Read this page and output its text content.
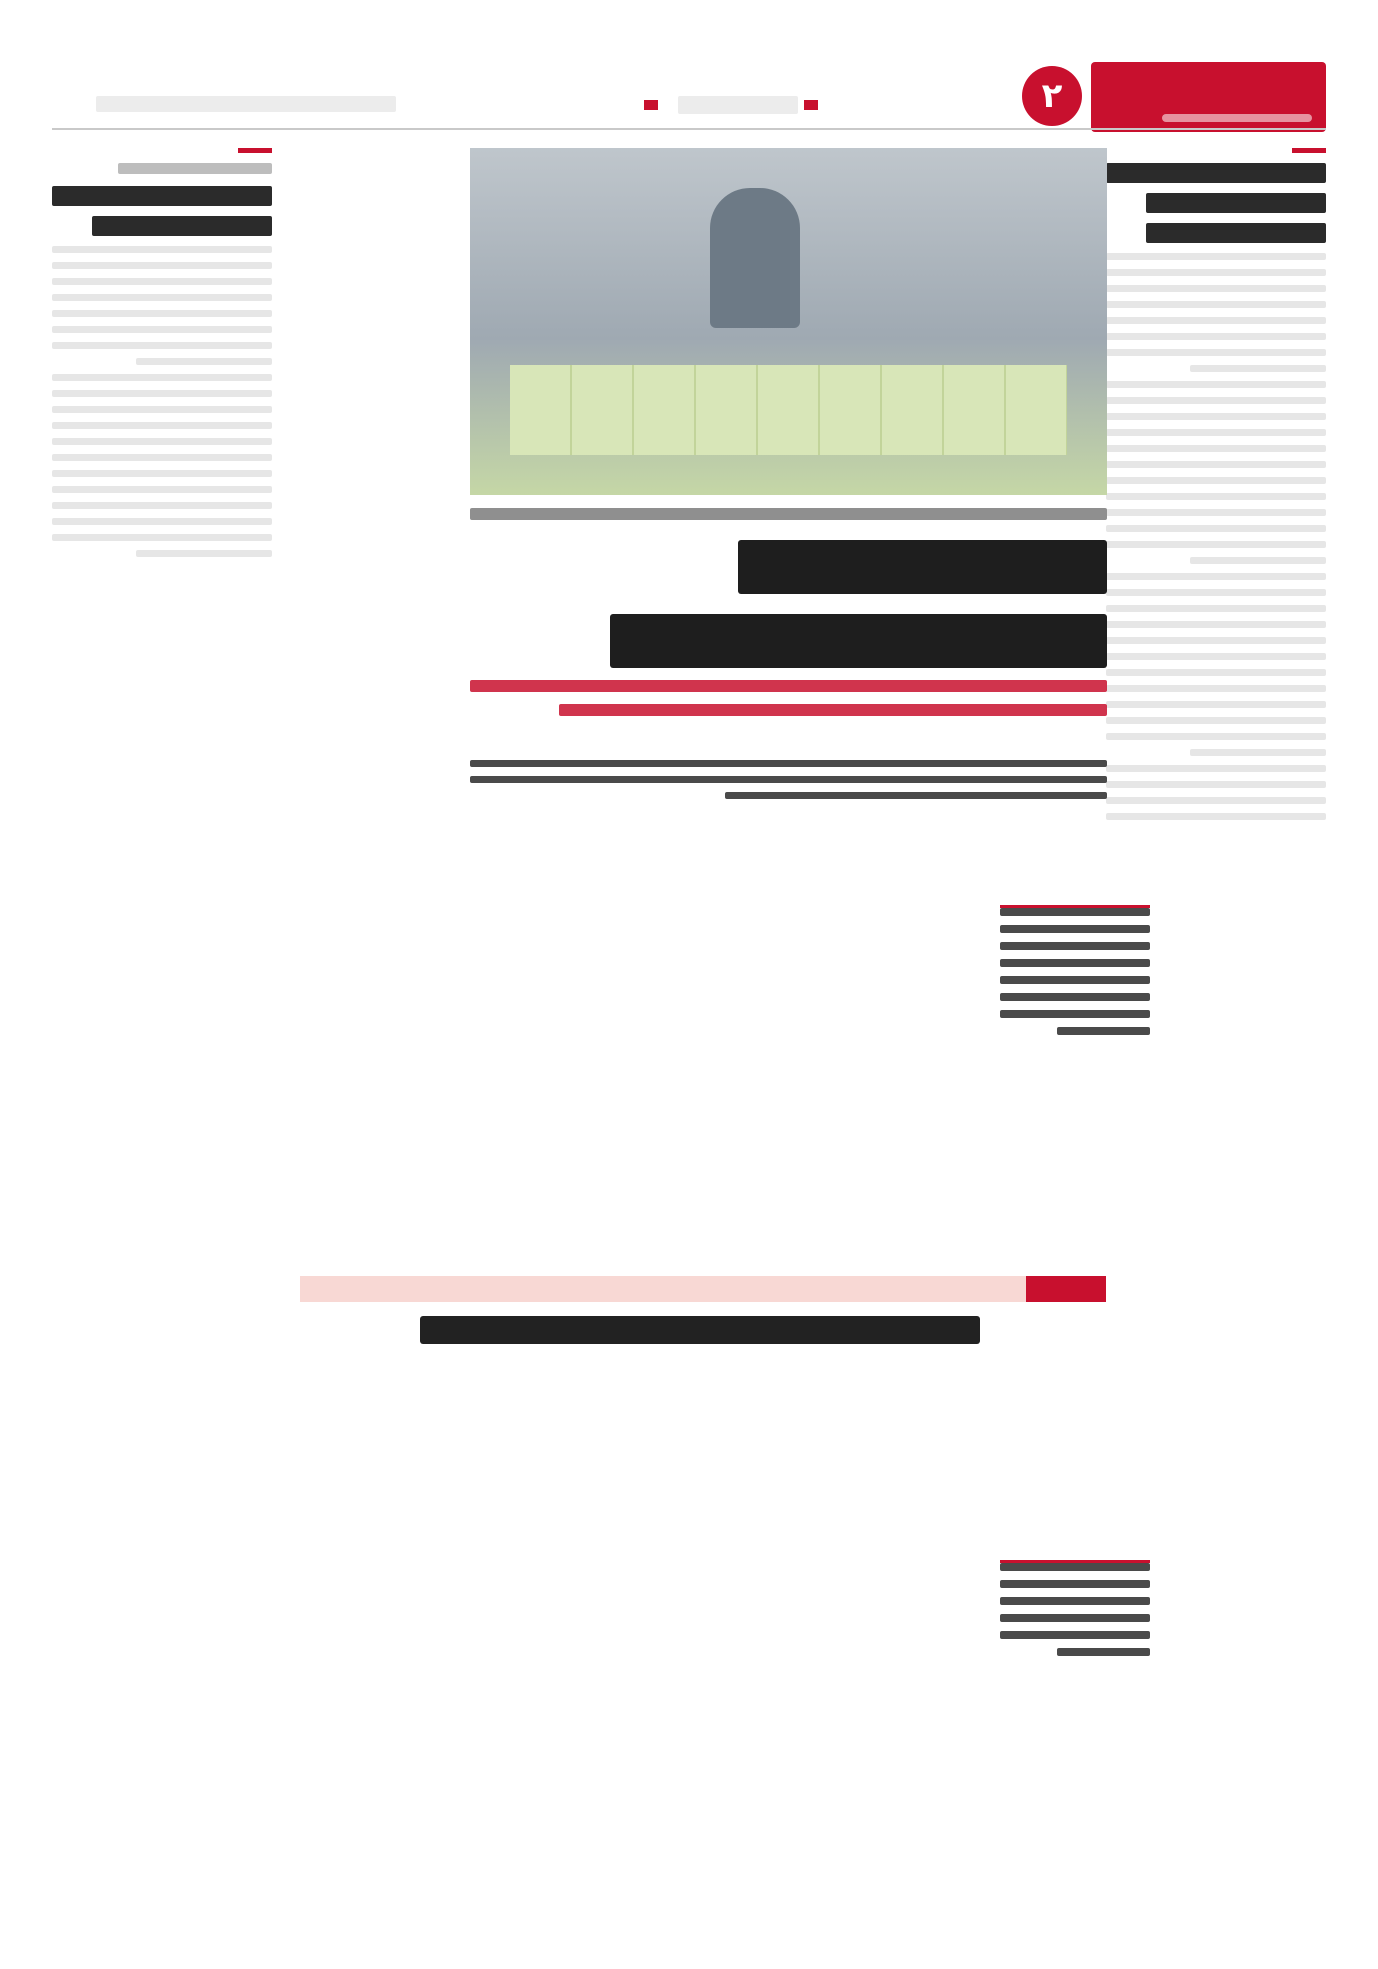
۲
